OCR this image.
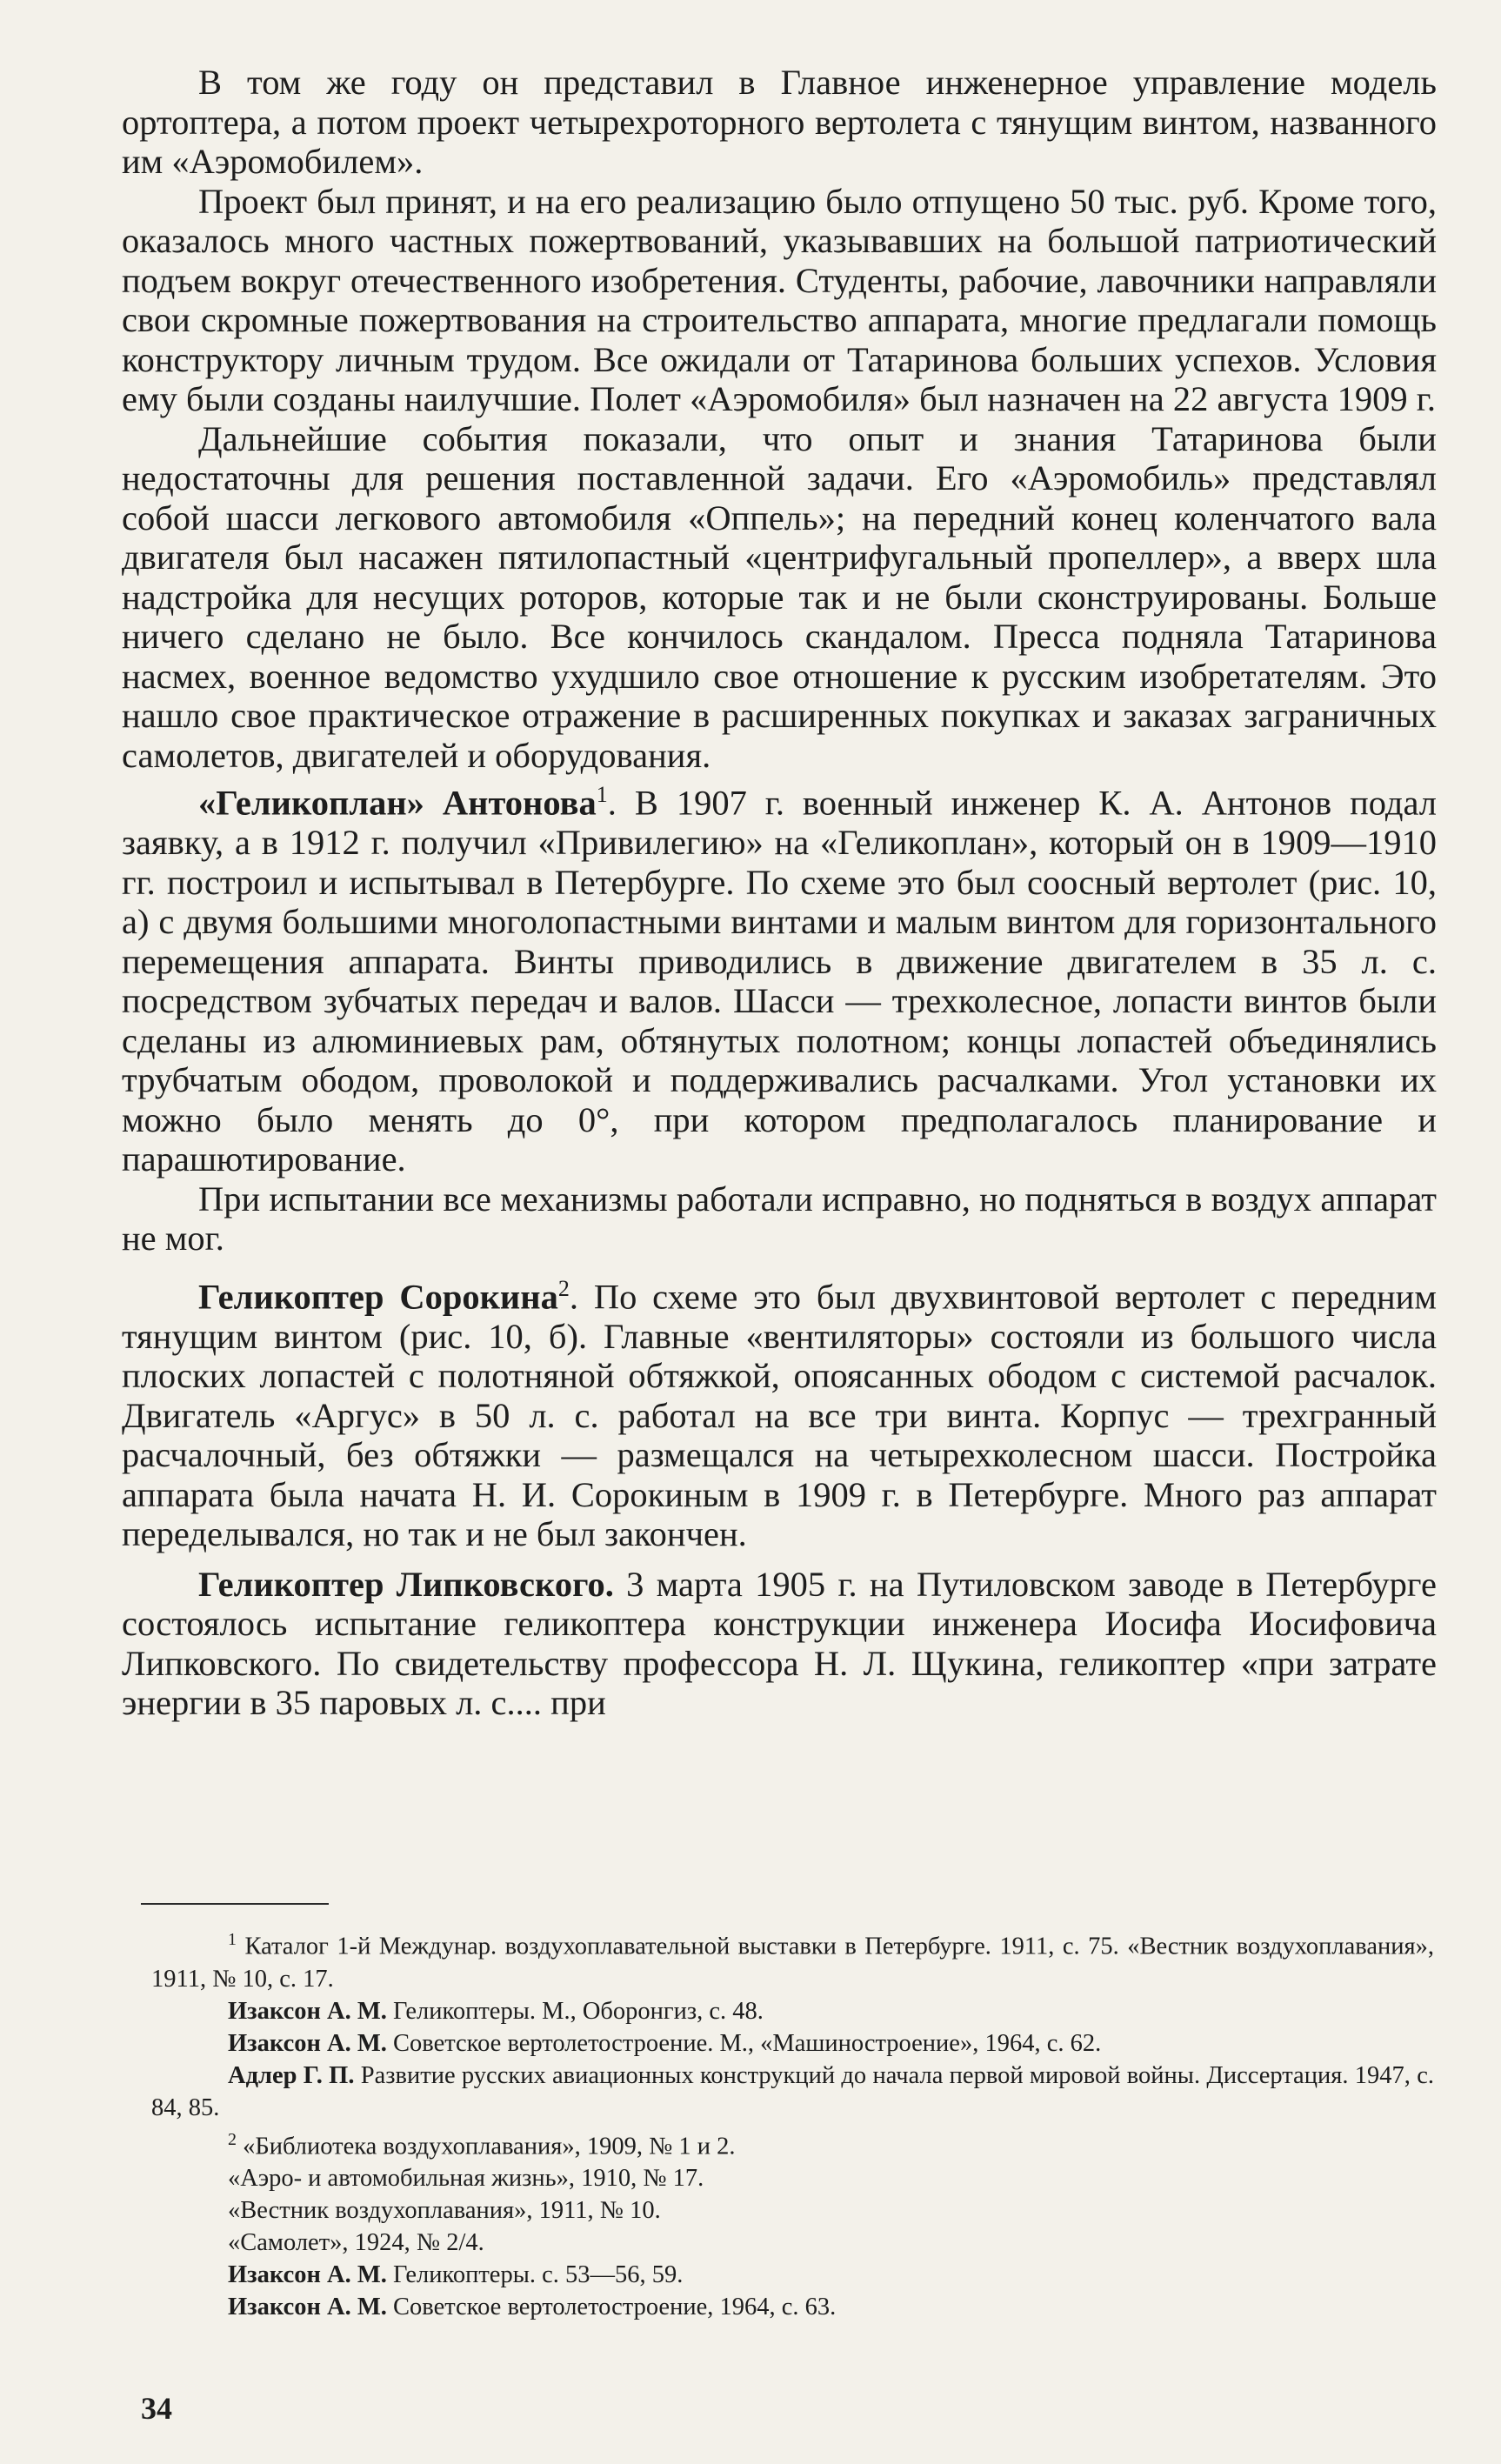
В том же году он представил в Главное инженерное управление модель ортоптера, а потом проект четырехроторного вертолета с тянущим винтом, названного им «Аэромобилем».

Проект был принят, и на его реализацию было отпущено 50 тыс. руб. Кроме того, оказалось много частных пожертвований, указывавших на большой патриотический подъем вокруг отечественного изобретения. Студенты, рабочие, лавочники направляли свои скромные пожертвования на строительство аппарата, многие предлагали помощь конструктору личным трудом. Все ожидали от Татаринова больших успехов. Условия ему были созданы наилучшие. Полет «Аэромобиля» был назначен на 22 августа 1909 г.

Дальнейшие события показали, что опыт и знания Татаринова были недостаточны для решения поставленной задачи. Его «Аэромобиль» представлял собой шасси легкового автомобиля «Оппель»; на передний конец коленчатого вала двигателя был насажен пятилопастный «центрифугальный пропеллер», а вверх шла надстройка для несущих роторов, которые так и не были сконструированы. Больше ничего сделано не было. Все кончилось скандалом. Пресса подняла Татаринова насмех, военное ведомство ухудшило свое отношение к русским изобретателям. Это нашло свое практическое отражение в расширенных покупках и заказах заграничных самолетов, двигателей и оборудования.

«Геликоплан» Антонова$^1$. В 1907 г. военный инженер К. А. Антонов подал заявку, а в 1912 г. получил «Привилегию» на «Геликоплан», который он в 1909—1910 гг. построил и испытывал в Петербурге. По схеме это был соосный вертолет (рис. 10, а) с двумя большими многолопастными винтами и малым винтом для горизонтального перемещения аппарата. Винты приводились в движение двигателем в 35 л. с. посредством зубчатых передач и валов. Шасси — трехколесное, лопасти винтов были сделаны из алюминиевых рам, обтянутых полотном; концы лопастей объединялись трубчатым ободом, проволокой и поддерживались расчалками. Угол установки их можно было менять до 0°, при котором предполагалось планирование и парашютирование.

При испытании все механизмы работали исправно, но подняться в воздух аппарат не мог.

Геликоптер Сорокина$^2$. По схеме это был двухвинтовой вертолет с передним тянущим винтом (рис. 10, б). Главные «вентиляторы» состояли из большого числа плоских лопастей с полотняной обтяжкой, опоясанных ободом с системой расчалок. Двигатель «Аргус» в 50 л. с. работал на все три винта. Корпус — трехгранный расчалочный, без обтяжки — размещался на четырехколесном шасси. Постройка аппарата была начата Н. И. Сорокиным в 1909 г. в Петербурге. Много раз аппарат переделывался, но так и не был закончен.

Геликоптер Липковского. 3 марта 1905 г. на Путиловском заводе в Петербурге состоялось испытание геликоптера конструкции инженера Иосифа Иосифовича Липковского. По свидетельству профессора Н. Л. Щукина, геликоптер «при затрате энергии в 35 паровых л. с.... при

$^1$ Каталог 1-й Междунар. воздухоплавательной выставки в Петербурге. 1911, с. 75. «Вестник воздухоплавания», 1911, № 10, с. 17.

Изаксон А. М. Геликоптеры. М., Оборонгиз, с. 48.

Изаксон А. М. Советское вертолетостроение. М., «Машиностроение», 1964, с. 62.

Адлер Г. П. Развитие русских авиационных конструкций до начала первой мировой войны. Диссертация. 1947, с. 84, 85.

$^2$ «Библиотека воздухоплавания», 1909, № 1 и 2.

«Аэро- и автомобильная жизнь», 1910, № 17.

«Вестник воздухоплавания», 1911, № 10.

«Самолет», 1924, № 2/4.

Изаксон А. М. Геликоптеры. с. 53—56, 59.

Изаксон А. М. Советское вертолетостроение, 1964, с. 63.

34
